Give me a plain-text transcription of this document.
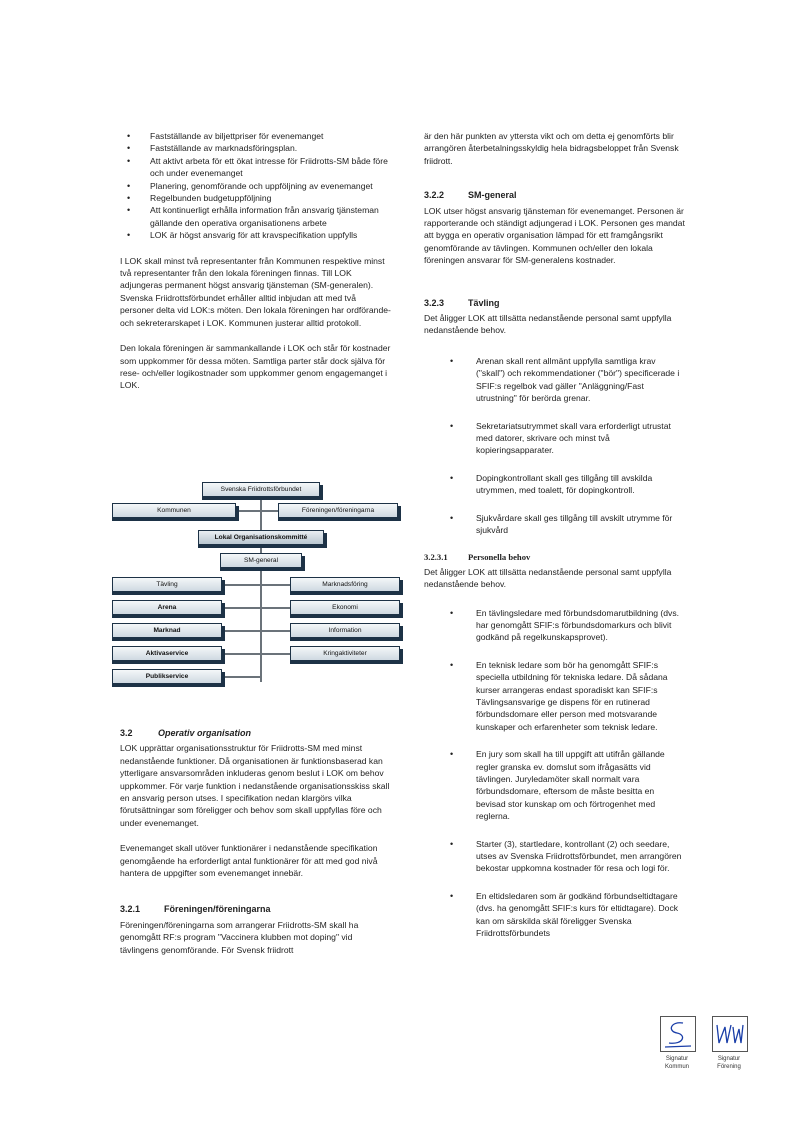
• Fastställande av biljettpriser för evenemanget
• Fastställande av marknadsföringsplan.
• Att aktivt arbeta för ett ökat intresse för Friidrotts-SM både före och under evenemanget
• Planering, genomförande och uppföljning av evenemanget
• Regelbunden budgetuppföljning
• Att kontinuerligt erhålla information från ansvarig tjänsteman gällande den operativa organisationens arbete
• LOK är högst ansvarig för att kravspecifikation uppfylls

I LOK skall minst två representanter från Kommunen respektive minst två representanter från den lokala föreningen finnas. Till LOK adjungeras permanent högst ansvarig tjänsteman (SM-generalen). Svenska Friidrottsförbundet erhåller alltid inbjudan att med två personer delta vid LOK:s möten. Den lokala föreningen har ordförande- och sekreterarskapet i LOK. Kommunen justerar alltid protokoll.

Den lokala föreningen är sammankallande i LOK och står för kostnader som uppkommer för dessa möten. Samtliga parter står dock själva för rese- och/eller logikostnader som uppkommer genom engagemanget i LOK.

Svenska Friidrottsförbundet
Kommunen	Föreningen/föreningarna
Lokal Organisationskommitté
SM-general
Tävling
Arena
Marknad
Aktivaservice
Publikservice
Marknadsföring
Ekonomi
Information
Kringaktiviteter

3.2	Operativ organisation

LOK upprättar organisationsstruktur för Friidrotts-SM med minst nedanstående funktioner. Då organisationen är funktionsbaserad kan ytterligare ansvarsområden inkluderas genom beslut i LOK om behov uppkommer. För varje funktion i nedanstående organisationsskiss skall en ansvarig person utses. I specifikation nedan klargörs vilka förutsättningar som föreligger och behov som skall uppfyllas före och under evenemanget.

Evenemanget skall utöver funktionärer i nedanstående specifikation genomgående ha erforderligt antal funktionärer för att med god nivå hantera de uppgifter som evenemanget innebär.

3.2.1	Föreningen/föreningarna

Föreningen/föreningarna som arrangerar Friidrotts-SM skall ha genomgått RF:s program "Vaccinera klubben mot doping" vid tävlingens genomförande. För Svensk friidrott

är den här punkten av yttersta vikt och om detta ej genomförts blir arrangören återbetalningsskyldig hela bidragsbeloppet från Svensk friidrott.

3.2.2	SM-general

LOK utser högst ansvarig tjänsteman för evenemanget. Personen är rapporterande och ständigt adjungerad i LOK. Personen ges mandat att bygga en operativ organisation lämpad för ett framgångsrikt genomförande av tävlingen. Kommunen och/eller den lokala föreningen ansvarar för SM-generalens kostnader.

3.2.3	Tävling

Det åligger LOK att tillsätta nedanstående personal samt uppfylla nedanstående behov.

• Arenan skall rent allmänt uppfylla samtliga krav ("skall") och rekommendationer ("bör") specificerade i SFIF:s regelbok vad gäller "Anläggning/Fast utrustning" för berörda grenar.
• Sekretariatsutrymmet skall vara erforderligt utrustat med datorer, skrivare och minst två kopieringsapparater.
• Dopingkontrollant skall ges tillgång till avskilda utrymmen, med toalett, för dopingkontroll.
• Sjukvårdare skall ges tillgång till avskilt utrymme för sjukvård

3.2.3.1 Personella behov

Det åligger LOK att tillsätta nedanstående personal samt uppfylla nedanstående behov.

• En tävlingsledare med förbundsdomarutbildning (dvs. har genomgått SFIF:s förbundsdomarkurs och blivit godkänd på regelkunskapsprovet).
• En teknisk ledare som bör ha genomgått SFIF:s speciella utbildning för tekniska ledare. Då sådana kurser arrangeras endast sporadiskt kan SFIF:s Tävlingsansvarige ge dispens för en rutinerad förbundsdomare eller person med motsvarande kunskaper och erfarenheter som teknisk ledare.
• En jury som skall ha till uppgift att utifrån gällande regler granska ev. domslut som ifrågasätts vid tävlingen. Juryledamöter skall normalt vara förbundsdomare, eftersom de måste besitta en bevisad stor kunskap om och förtrogenhet med reglerna.
• Starter (3), startledare, kontrollant (2) och seedare, utses av Svenska Friidrottsförbundet, men arrangören bekostar uppkomna kostnader för resa och logi för.
• En eltidsledaren som är godkänd förbundseltidtagare (dvs. ha genomgått SFIF:s kurs för eltidtagare). Dock kan om särskilda skäl föreligger Svenska Friidrottsförbundets
Signatur
Kommun
Signatur
Förening
